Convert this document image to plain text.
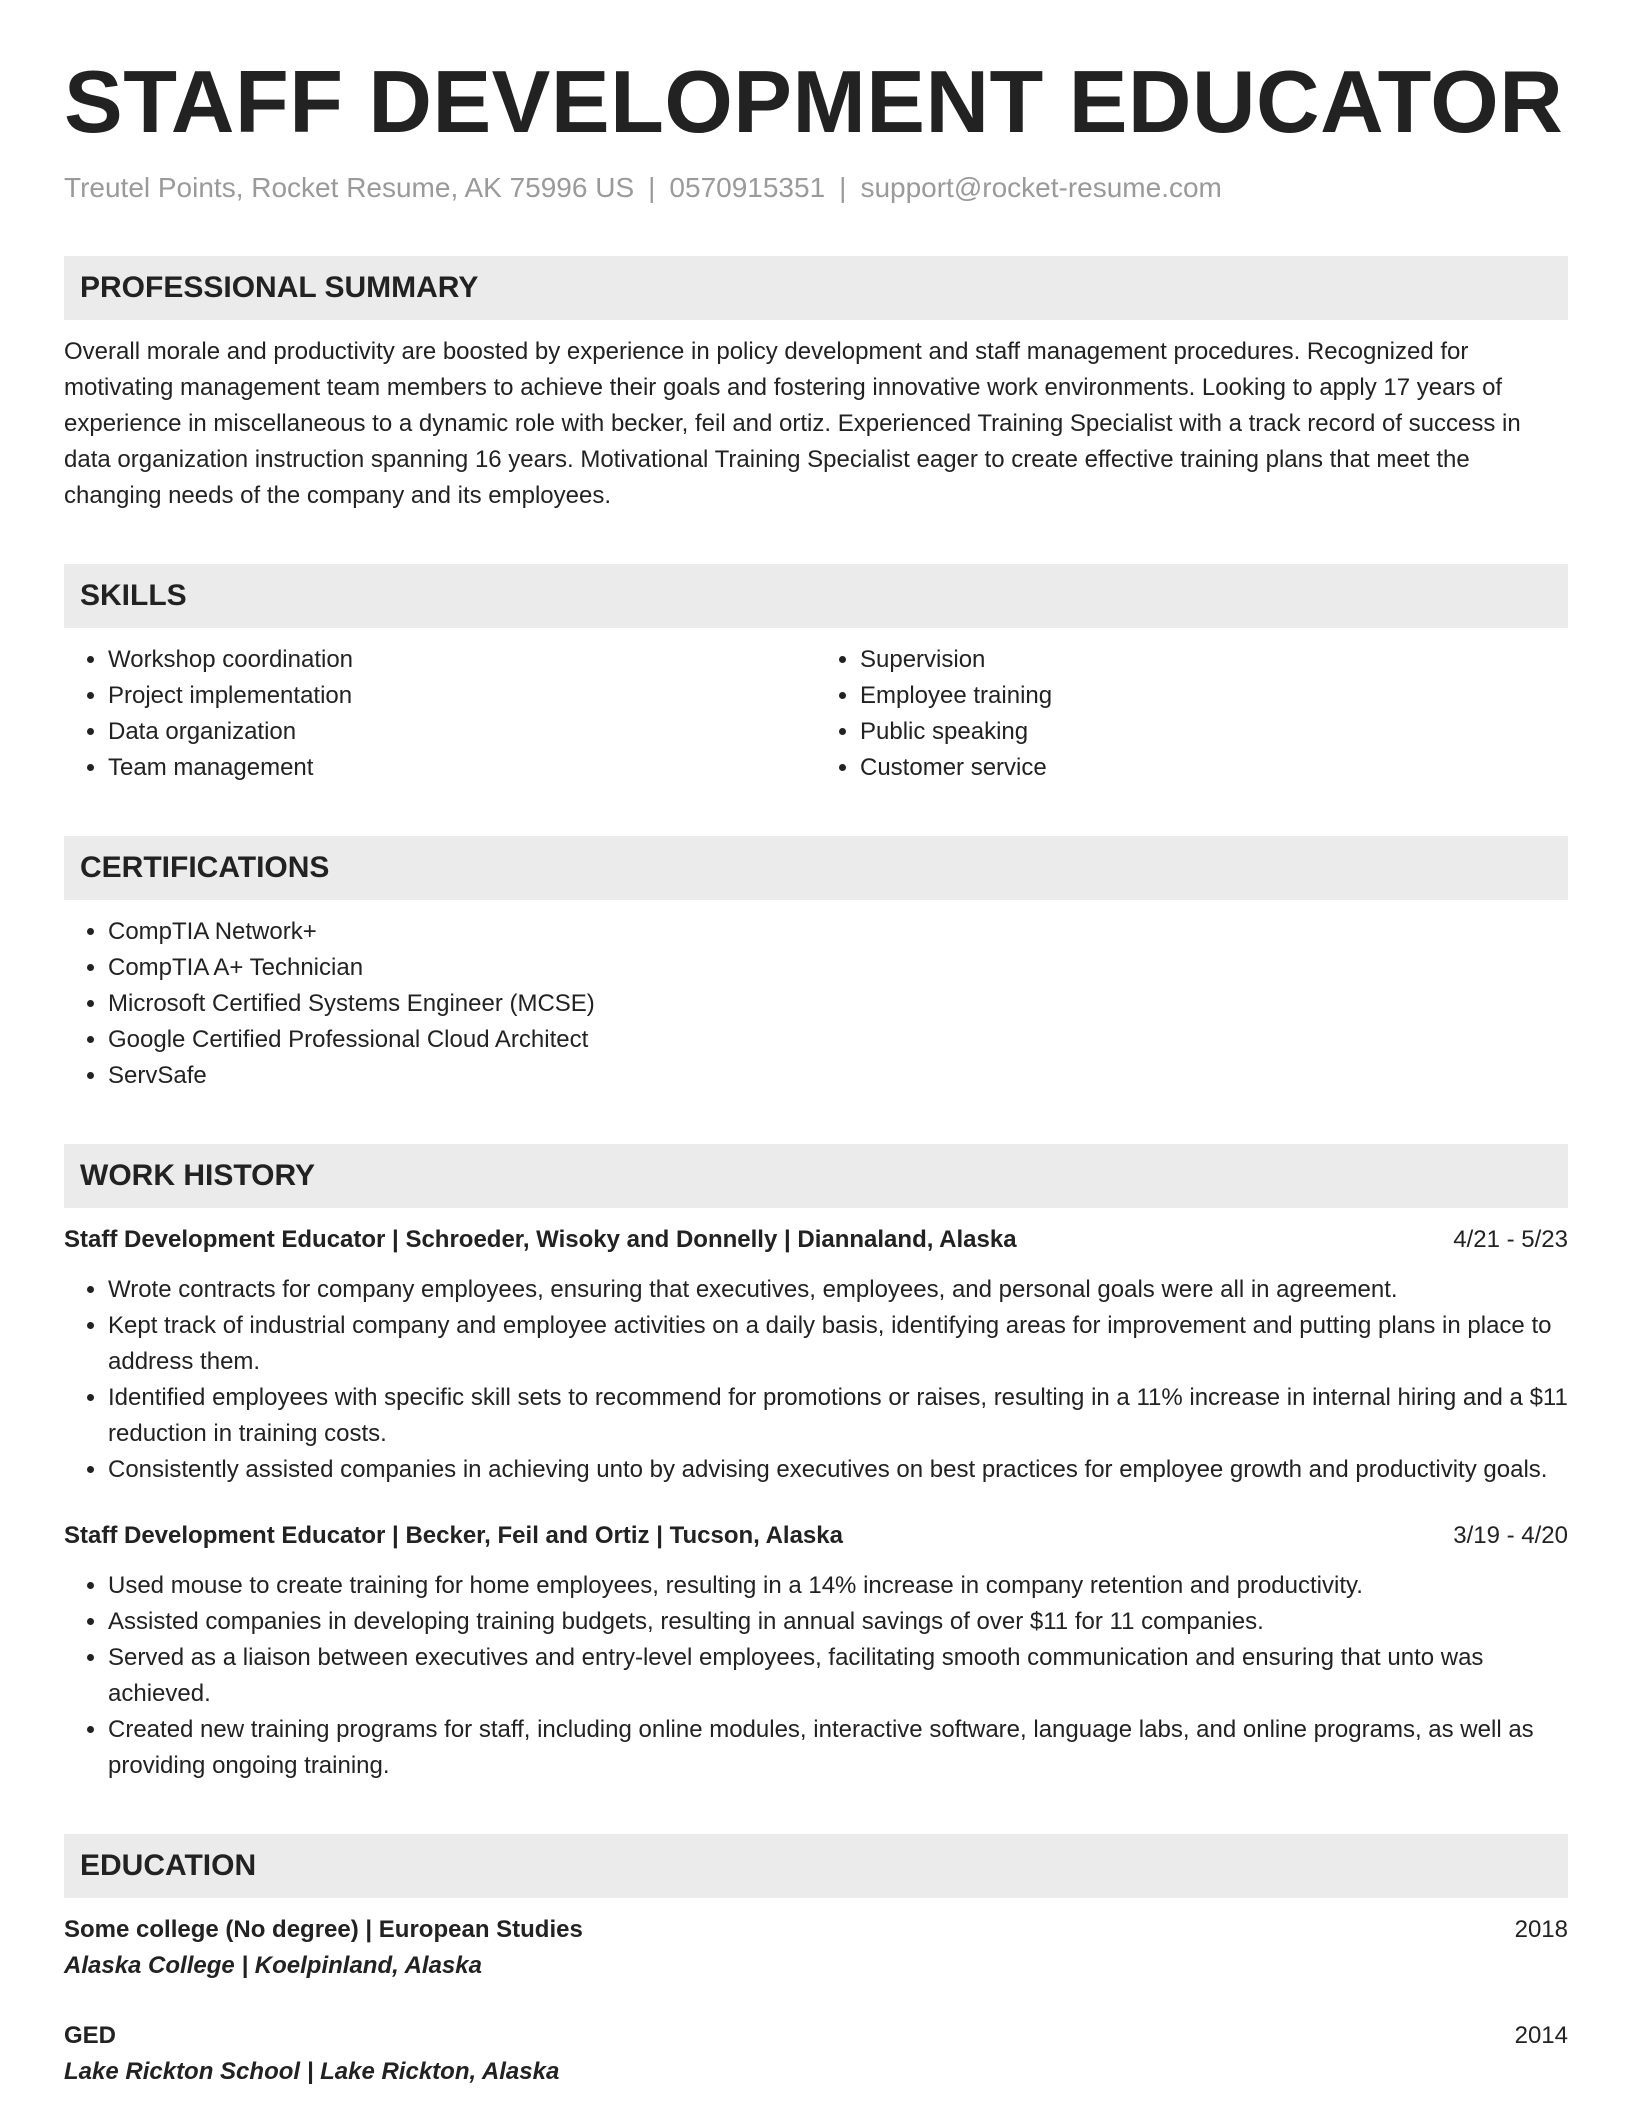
STAFF DEVELOPMENT EDUCATOR
Treutel Points, Rocket Resume, AK 75996 US | 0570915351 | support@rocket-resume.com
PROFESSIONAL SUMMARY
Overall morale and productivity are boosted by experience in policy development and staff management procedures. Recognized for motivating management team members to achieve their goals and fostering innovative work environments. Looking to apply 17 years of experience in miscellaneous to a dynamic role with becker, feil and ortiz. Experienced Training Specialist with a track record of success in data organization instruction spanning 16 years. Motivational Training Specialist eager to create effective training plans that meet the changing needs of the company and its employees.
SKILLS
• Workshop coordination
• Project implementation
• Data organization
• Team management
• Supervision
• Employee training
• Public speaking
• Customer service
CERTIFICATIONS
• CompTIA Network+
• CompTIA A+ Technician
• Microsoft Certified Systems Engineer (MCSE)
• Google Certified Professional Cloud Architect
• ServSafe
WORK HISTORY
Staff Development Educator | Schroeder, Wisoky and Donnelly | Diannaland, Alaska	4/21 - 5/23
• Wrote contracts for company employees, ensuring that executives, employees, and personal goals were all in agreement.
• Kept track of industrial company and employee activities on a daily basis, identifying areas for improvement and putting plans in place to address them.
• Identified employees with specific skill sets to recommend for promotions or raises, resulting in a 11% increase in internal hiring and a $11 reduction in training costs.
• Consistently assisted companies in achieving unto by advising executives on best practices for employee growth and productivity goals.
Staff Development Educator | Becker, Feil and Ortiz | Tucson, Alaska	3/19 - 4/20
• Used mouse to create training for home employees, resulting in a 14% increase in company retention and productivity.
• Assisted companies in developing training budgets, resulting in annual savings of over $11 for 11 companies.
• Served as a liaison between executives and entry-level employees, facilitating smooth communication and ensuring that unto was achieved.
• Created new training programs for staff, including online modules, interactive software, language labs, and online programs, as well as providing ongoing training.
EDUCATION
Some college (No degree) | European Studies	2018
Alaska College | Koelpinland, Alaska
GED	2014
Lake Rickton School | Lake Rickton, Alaska
